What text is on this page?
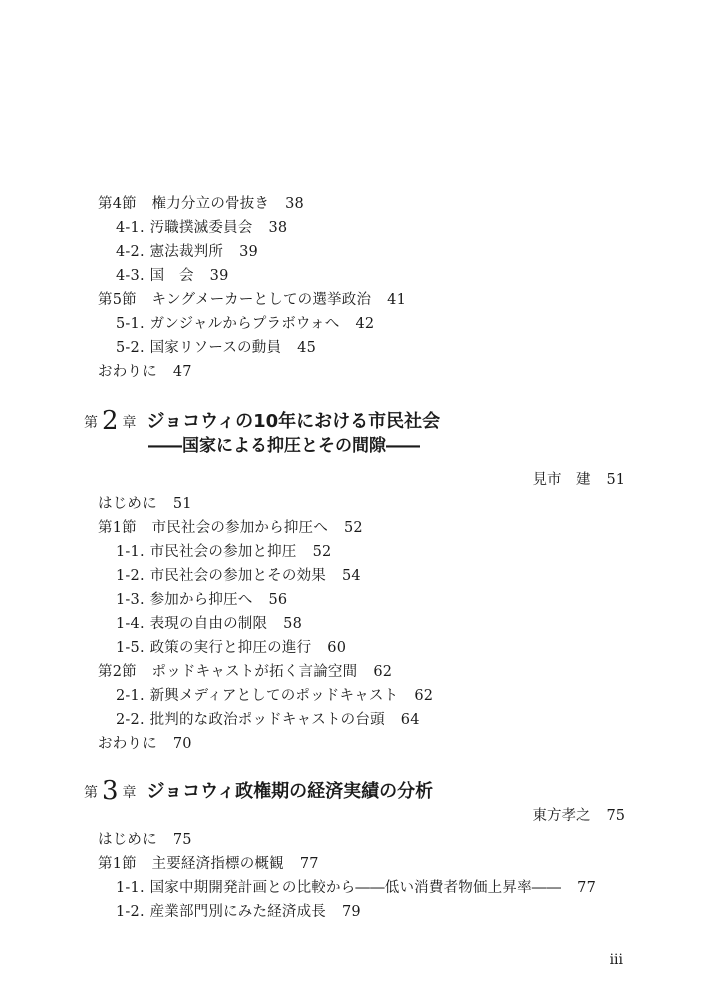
第4節　権力分立の骨抜き 38
4-1. 汚職撲滅委員会 38
4-2. 憲法裁判所 39
4-3. 国　会 39
第5節　キングメーカーとしての選挙政治 41
5-1. ガンジャルからプラボウォへ 42
5-2. 国家リソースの動員 45
おわりに 47
第 2 章 ジョコウィの10年における市民社会
――国家による抑圧とその間隙――
見市　建 51
はじめに 51
第1節　市民社会の参加から抑圧へ 52
1-1. 市民社会の参加と抑圧 52
1-2. 市民社会の参加とその効果 54
1-3. 参加から抑圧へ 56
1-4. 表現の自由の制限 58
1-5. 政策の実行と抑圧の進行 60
第2節　ポッドキャストが拓く言論空間 62
2-1. 新興メディアとしてのポッドキャスト 62
2-2. 批判的な政治ポッドキャストの台頭 64
おわりに 70
第 3 章 ジョコウィ政権期の経済実績の分析
東方孝之 75
はじめに 75
第1節　主要経済指標の概観 77
1-1. 国家中期開発計画との比較から――低い消費者物価上昇率―― 77
1-2. 産業部門別にみた経済成長 79
iii
